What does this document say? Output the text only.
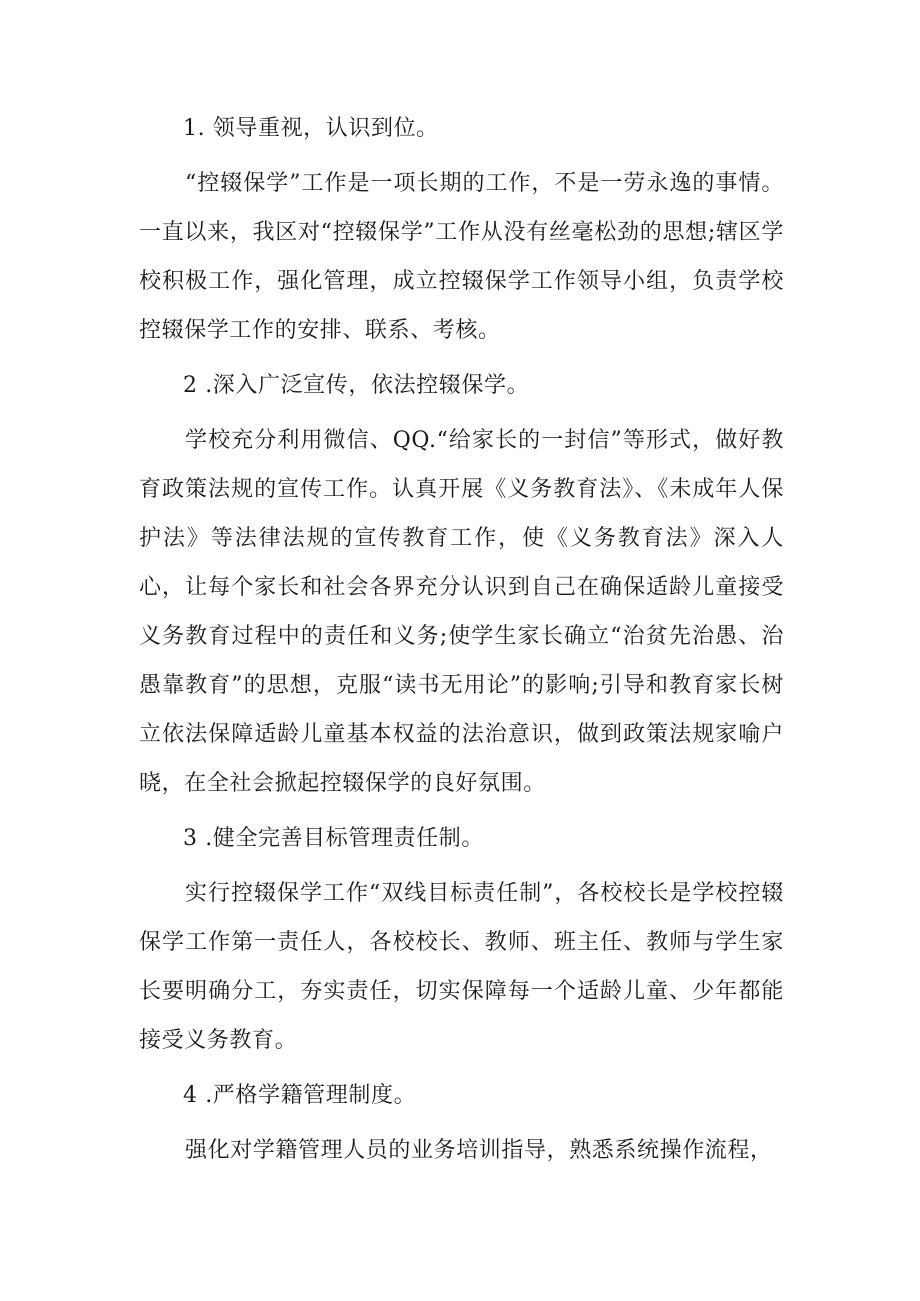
1. 领导重视，认识到位。

“控辍保学”工作是一项长期的工作，不是一劳永逸的事情。一直以来，我区对“控辍保学”工作从没有丝毫松劲的思想;辖区学校积极工作，强化管理，成立控辍保学工作领导小组，负责学校控辍保学工作的安排、联系、考核。

2 .深入广泛宣传，依法控辍保学。

学校充分利用微信、QQ.“给家长的一封信”等形式，做好教育政策法规的宣传工作。认真开展《义务教育法》、《未成年人保护法》等法律法规的宣传教育工作，使《义务教育法》深入人心，让每个家长和社会各界充分认识到自己在确保适龄儿童接受义务教育过程中的责任和义务;使学生家长确立“治贫先治愚、治愚靠教育”的思想，克服“读书无用论”的影响;引导和教育家长树立依法保障适龄儿童基本权益的法治意识，做到政策法规家喻户晓，在全社会掀起控辍保学的良好氛围。

3 .健全完善目标管理责任制。

实行控辍保学工作“双线目标责任制”，各校校长是学校控辍保学工作第一责任人，各校校长、教师、班主任、教师与学生家长要明确分工，夯实责任，切实保障每一个适龄儿童、少年都能接受义务教育。

4 .严格学籍管理制度。

强化对学籍管理人员的业务培训指导，熟悉系统操作流程，
